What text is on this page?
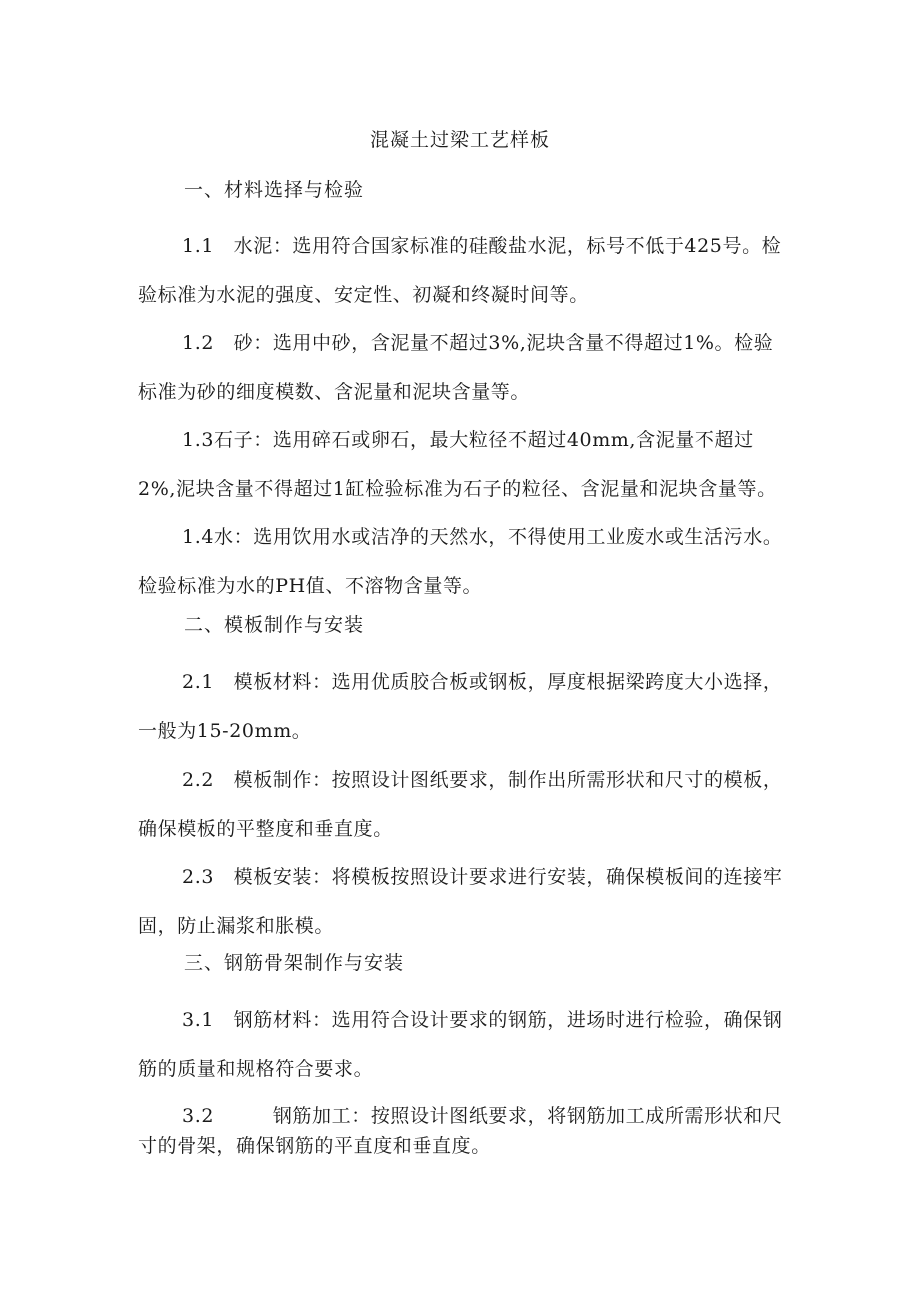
混凝土过梁工艺样板
一、材料选择与检验
1.1　水泥：选用符合国家标准的硅酸盐水泥，标号不低于425号。检
验标准为水泥的强度、安定性、初凝和终凝时间等。
1.2　砂：选用中砂，含泥量不超过3%,泥块含量不得超过1%。检验
标准为砂的细度模数、含泥量和泥块含量等。
1.3石子：选用碎石或卵石，最大粒径不超过40mm,含泥量不超过
2%,泥块含量不得超过1缸检验标准为石子的粒径、含泥量和泥块含量等。
1.4水：选用饮用水或洁净的天然水，不得使用工业废水或生活污水。
检验标准为水的PH值、不溶物含量等。
二、模板制作与安装
2.1　模板材料：选用优质胶合板或钢板，厚度根据梁跨度大小选择，
一般为15-20mm。
2.2　模板制作：按照设计图纸要求，制作出所需形状和尺寸的模板，
确保模板的平整度和垂直度。
2.3　模板安装：将模板按照设计要求进行安装，确保模板间的连接牢
固，防止漏浆和胀模。
三、钢筋骨架制作与安装
3.1　钢筋材料：选用符合设计要求的钢筋，进场时进行检验，确保钢
筋的质量和规格符合要求。
3.2　　　钢筋加工：按照设计图纸要求，将钢筋加工成所需形状和尺
寸的骨架，确保钢筋的平直度和垂直度。
